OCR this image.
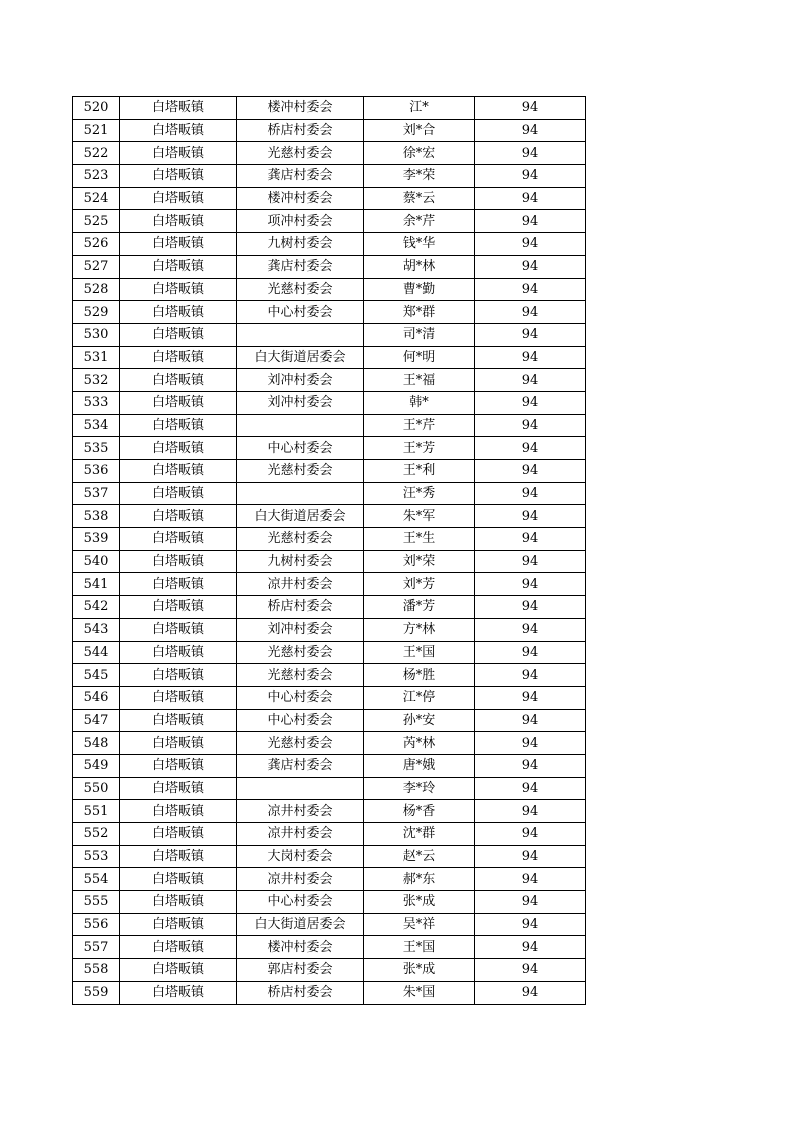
520	白塔畈镇	楼冲村委会	江*	94
521	白塔畈镇	桥店村委会	刘*合	94
522	白塔畈镇	光慈村委会	徐*宏	94
523	白塔畈镇	龚店村委会	李*荣	94
524	白塔畈镇	楼冲村委会	蔡*云	94
525	白塔畈镇	项冲村委会	余*芹	94
526	白塔畈镇	九树村委会	钱*华	94
527	白塔畈镇	龚店村委会	胡*林	94
528	白塔畈镇	光慈村委会	曹*勤	94
529	白塔畈镇	中心村委会	郑*群	94
530	白塔畈镇		司*清	94
531	白塔畈镇	白大街道居委会	何*明	94
532	白塔畈镇	刘冲村委会	王*福	94
533	白塔畈镇	刘冲村委会	韩*	94
534	白塔畈镇		王*芹	94
535	白塔畈镇	中心村委会	王*芳	94
536	白塔畈镇	光慈村委会	王*利	94
537	白塔畈镇		汪*秀	94
538	白塔畈镇	白大街道居委会	朱*军	94
539	白塔畈镇	光慈村委会	王*生	94
540	白塔畈镇	九树村委会	刘*荣	94
541	白塔畈镇	凉井村委会	刘*芳	94
542	白塔畈镇	桥店村委会	潘*芳	94
543	白塔畈镇	刘冲村委会	方*林	94
544	白塔畈镇	光慈村委会	王*国	94
545	白塔畈镇	光慈村委会	杨*胜	94
546	白塔畈镇	中心村委会	江*停	94
547	白塔畈镇	中心村委会	孙*安	94
548	白塔畈镇	光慈村委会	芮*林	94
549	白塔畈镇	龚店村委会	唐*娥	94
550	白塔畈镇		李*玲	94
551	白塔畈镇	凉井村委会	杨*香	94
552	白塔畈镇	凉井村委会	沈*群	94
553	白塔畈镇	大岗村委会	赵*云	94
554	白塔畈镇	凉井村委会	郝*东	94
555	白塔畈镇	中心村委会	张*成	94
556	白塔畈镇	白大街道居委会	吴*祥	94
557	白塔畈镇	楼冲村委会	王*国	94
558	白塔畈镇	郭店村委会	张*成	94
559	白塔畈镇	桥店村委会	朱*国	94
